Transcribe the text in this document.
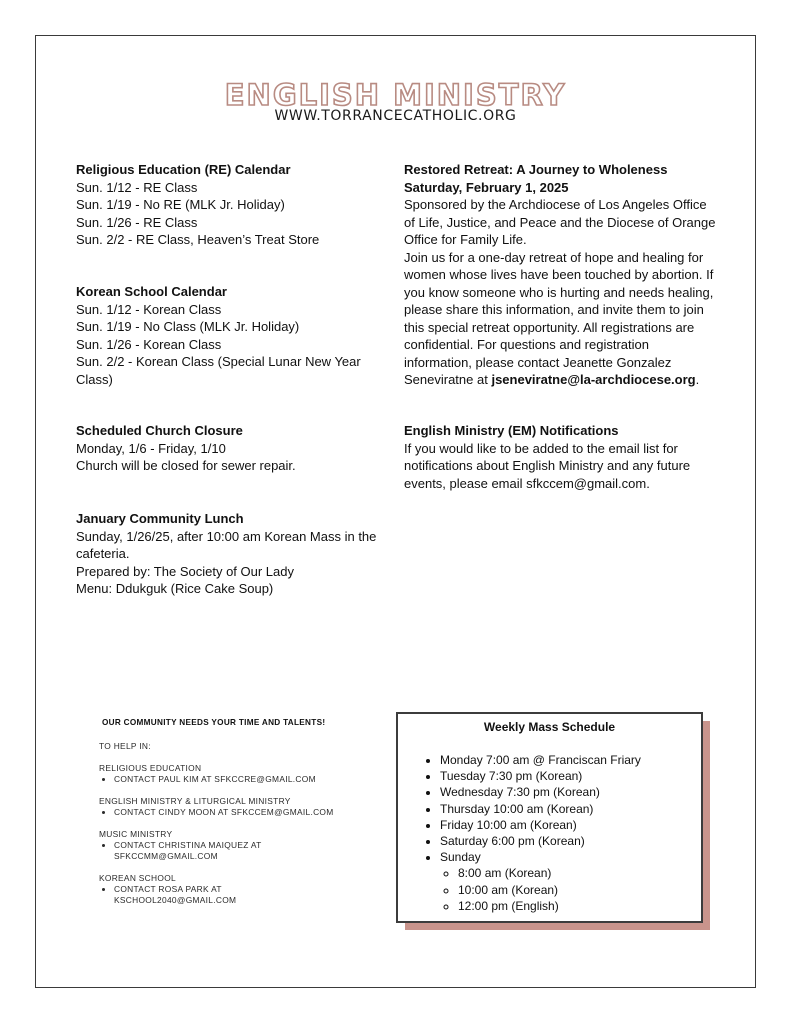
ENGLISH MINISTRY
WWW.TORRANCECATHOLIC.ORG
Religious Education (RE) Calendar
Sun. 1/12 - RE Class
Sun. 1/19 - No RE (MLK Jr. Holiday)
Sun. 1/26 - RE Class
Sun. 2/2 - RE Class, Heaven’s Treat Store
Korean School Calendar
Sun. 1/12 - Korean Class
Sun. 1/19 - No Class (MLK Jr. Holiday)
Sun. 1/26 - Korean Class
Sun. 2/2 - Korean Class (Special Lunar New Year
Class)
Scheduled Church Closure
Monday, 1/6 - Friday, 1/10
Church will be closed for sewer repair.
January Community Lunch
Sunday, 1/26/25, after 10:00 am Korean Mass in the
cafeteria.
Prepared by: The Society of Our Lady
Menu: Ddukguk (Rice Cake Soup)
Restored Retreat: A Journey to Wholeness
Saturday, February 1, 2025
Sponsored by the Archdiocese of Los Angeles Office
of Life, Justice, and Peace and the Diocese of Orange
Office for Family Life.
Join us for a one-day retreat of hope and healing for
women whose lives have been touched by abortion. If
you know someone who is hurting and needs healing,
please share this information, and invite them to join
this special retreat opportunity. All registrations are
confidential. For questions and registration
information, please contact Jeanette Gonzalez
Seneviratne at jseneviratne@la-archdiocese.org.
English Ministry (EM) Notifications
If you would like to be added to the email list for
notifications about English Ministry and any future
events, please email sfkccem@gmail.com.
OUR COMMUNITY NEEDS YOUR TIME AND TALENTS!
TO HELP IN:
RELIGIOUS EDUCATION
• CONTACT PAUL KIM AT SFKCCRE@GMAIL.COM
ENGLISH MINISTRY & LITURGICAL MINISTRY
• CONTACT CINDY MOON AT SFKCCEM@GMAIL.COM
MUSIC MINISTRY
• CONTACT CHRISTINA MAIQUEZ AT
SFKCCMM@GMAIL.COM
KOREAN SCHOOL
• CONTACT ROSA PARK AT
KSCHOOL2040@GMAIL.COM
Weekly Mass Schedule
• Monday 7:00 am @ Franciscan Friary
• Tuesday 7:30 pm (Korean)
• Wednesday 7:30 pm (Korean)
• Thursday 10:00 am (Korean)
• Friday 10:00 am (Korean)
• Saturday 6:00 pm (Korean)
• Sunday
◦ 8:00 am (Korean)
◦ 10:00 am (Korean)
◦ 12:00 pm (English)
